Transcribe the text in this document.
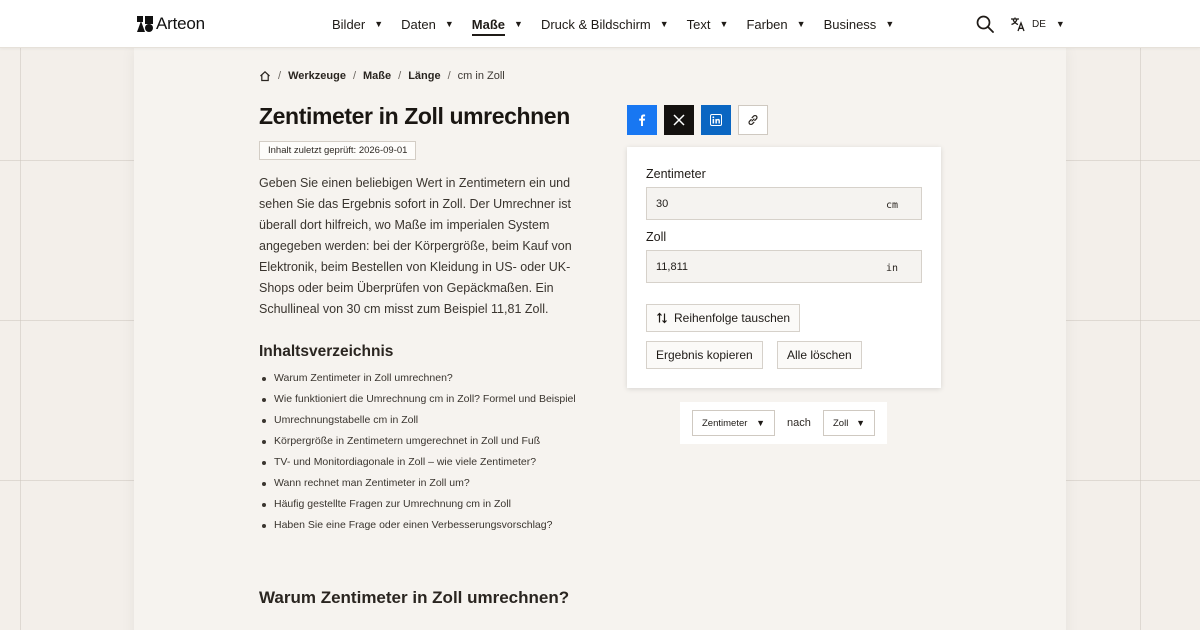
Arteon	Bilder ▼ Daten ▼ Maße ▼ Druck & Bildschirm ▼ Text ▼ Farben ▼ Business ▼	DE ▼
/ Werkzeuge / Maße / Länge / cm in Zoll
Zentimeter in Zoll umrechnen
Inhalt zuletzt geprüft: 2026-09-01

Geben Sie einen beliebigen Wert in Zentimetern ein und sehen Sie das Ergebnis sofort in Zoll. Der Umrechner ist überall dort hilfreich, wo Maße im imperialen System angegeben werden: bei der Körpergröße, beim Kauf von Elektronik, beim Bestellen von Kleidung in US- oder UK-Shops oder beim Überprüfen von Gepäckmaßen. Ein Schullineal von 30 cm misst zum Beispiel 11,81 Zoll.

Inhaltsverzeichnis
Warum Zentimeter in Zoll umrechnen?
Wie funktioniert die Umrechnung cm in Zoll? Formel und Beispiel
Umrechnungstabelle cm in Zoll
Körpergröße in Zentimetern umgerechnet in Zoll und Fuß
TV- und Monitordiagonale in Zoll – wie viele Zentimeter?
Wann rechnet man Zentimeter in Zoll um?
Häufig gestellte Fragen zur Umrechnung cm in Zoll
Haben Sie eine Frage oder einen Verbesserungsvorschlag?
Warum Zentimeter in Zoll umrechnen?
Zentimeter
30
cm
Zoll
11,811
in
Reihenfolge tauschen
Ergebnis kopieren	Alle löschen
Zentimeter ▼ nach Zoll ▼
